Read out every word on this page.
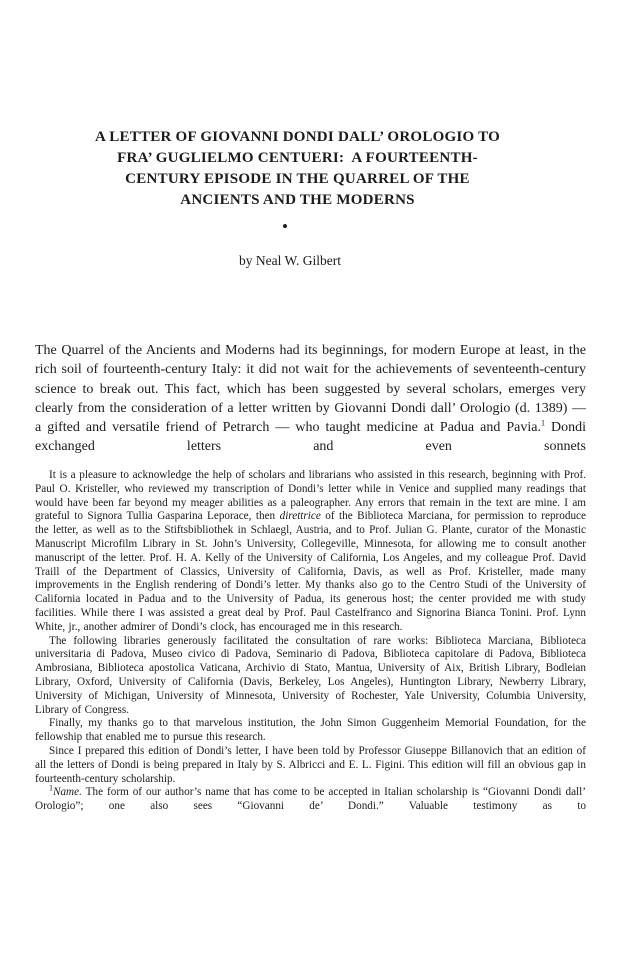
A LETTER OF GIOVANNI DONDI DALL’ OROLOGIO TO
FRA’ GUGLIELMO CENTUERI:  A FOURTEENTH-
CENTURY EPISODE IN THE QUARREL OF THE
ANCIENTS AND THE MODERNS
•
by Neal W. Gilbert

The Quarrel of the Ancients and Moderns had its beginnings, for modern Europe at least, in the rich soil of fourteenth-century Italy: it did not wait for the achievements of seventeenth-century science to break out. This fact, which has been suggested by several scholars, emerges very clearly from the consideration of a letter written by Giovanni Dondi dall’ Orologio (d. 1389) — a gifted and versatile friend of Petrarch — who taught medicine at Padua and Pavia.$^1$ Dondi exchanged letters and even sonnets

It is a pleasure to acknowledge the help of scholars and librarians who assisted in this research, beginning with Prof. Paul O. Kristeller, who reviewed my transcription of Dondi’s letter while in Venice and supplied many readings that would have been far beyond my meager abilities as a paleographer. Any errors that remain in the text are mine. I am grateful to Signora Tullia Gasparina Leporace, then direttrice of the Biblioteca Marciana, for permission to reproduce the letter, as well as to the Stiftsbibliothek in Schlaegl, Austria, and to Prof. Julian G. Plante, curator of the Monastic Manuscript Microfilm Library in St. John’s University, Collegeville, Minnesota, for allowing me to consult another manuscript of the letter. Prof. H. A. Kelly of the University of California, Los Angeles, and my colleague Prof. David Traill of the Department of Classics, University of California, Davis, as well as Prof. Kristeller, made many improvements in the English rendering of Dondi’s letter. My thanks also go to the Centro Studi of the University of California located in Padua and to the University of Padua, its generous host; the center provided me with study facilities. While there I was assisted a great deal by Prof. Paul Castelfranco and Signorina Bianca Tonini. Prof. Lynn White, jr., another admirer of Dondi’s clock, has encouraged me in this research.

The following libraries generously facilitated the consultation of rare works: Biblioteca Marciana, Biblioteca universitaria di Padova, Museo civico di Padova, Seminario di Padova, Biblioteca capitolare di Padova, Biblioteca Ambrosiana, Biblioteca apostolica Vaticana, Archivio di Stato, Mantua, University of Aix, British Library, Bodleian Library, Oxford, University of California (Davis, Berkeley, Los Angeles), Huntington Library, Newberry Library, University of Michigan, University of Minnesota, University of Rochester, Yale University, Columbia University, Library of Congress.

Finally, my thanks go to that marvelous institution, the John Simon Guggenheim Memorial Foundation, for the fellowship that enabled me to pursue this research.

Since I prepared this edition of Dondi’s letter, I have been told by Professor Giuseppe Billanovich that an edition of all the letters of Dondi is being prepared in Italy by S. Albricci and E. L. Figini. This edition will fill an obvious gap in fourteenth-century scholarship.

$^1$Name. The form of our author’s name that has come to be accepted in Italian scholarship is “Giovanni Dondi dall’ Orologio”; one also sees “Giovanni de’ Dondi.” Valuable testimony as to
